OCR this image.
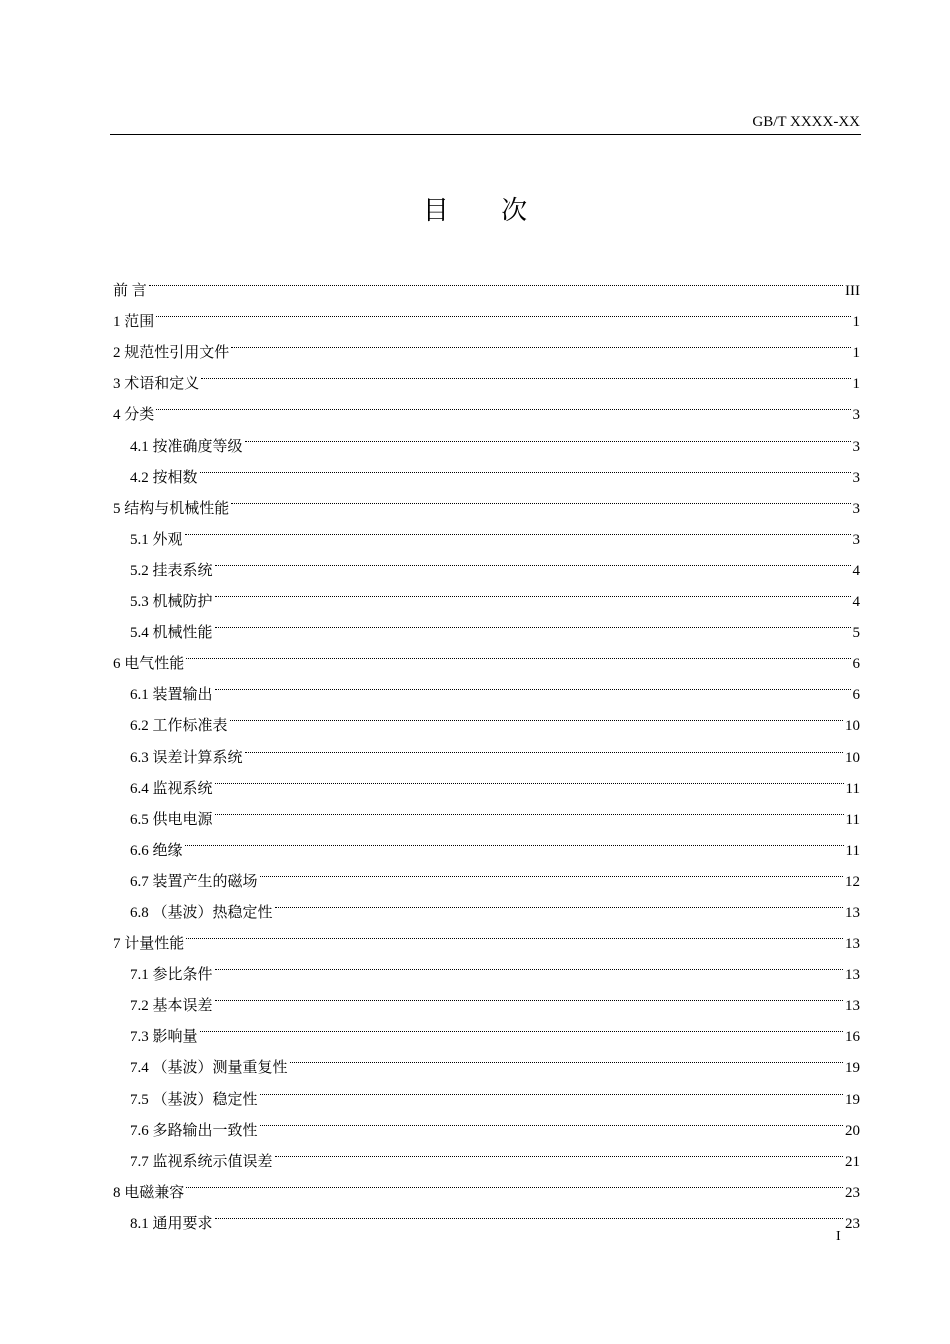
GB/T XXXX-XX
目 次
前 言	III
1 范围	1
2 规范性引用文件	1
3 术语和定义	1
4 分类	3
4.1 按准确度等级	3
4.2 按相数	3
5 结构与机械性能	3
5.1 外观	3
5.2 挂表系统	4
5.3 机械防护	4
5.4 机械性能	5
6 电气性能	6
6.1 装置输出	6
6.2 工作标准表	10
6.3 误差计算系统	10
6.4 监视系统	11
6.5 供电电源	11
6.6 绝缘	11
6.7 装置产生的磁场	12
6.8 （基波）热稳定性	13
7 计量性能	13
7.1 参比条件	13
7.2 基本误差	13
7.3 影响量	16
7.4 （基波）测量重复性	19
7.5 （基波）稳定性	19
7.6 多路输出一致性	20
7.7 监视系统示值误差	21
8 电磁兼容	23
8.1 通用要求	23
I
